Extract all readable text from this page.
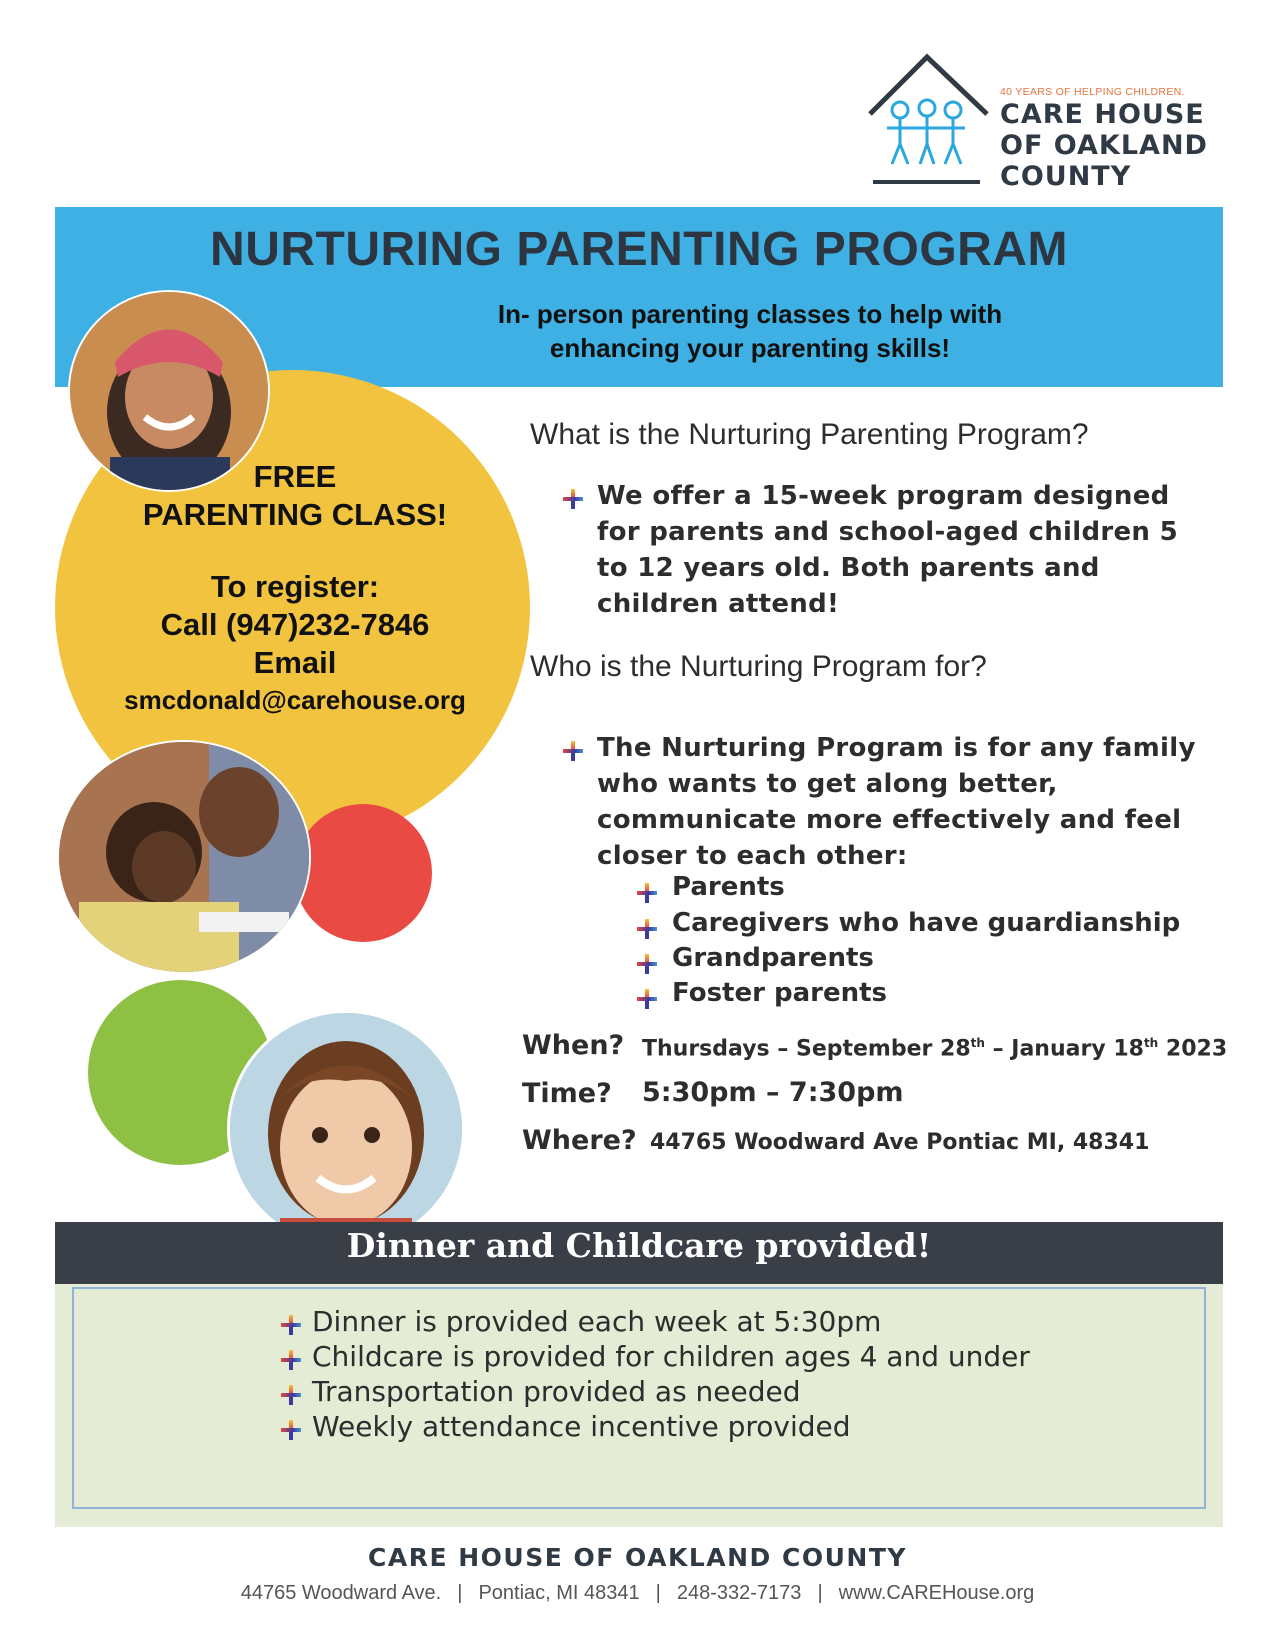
40 YEARS OF HELPING CHILDREN.
CARE HOUSE
OF OAKLAND
COUNTY
NURTURING PARENTING PROGRAM
In- person parenting classes to help with
enhancing your parenting skills!
FREE
PARENTING CLASS!
To register:
Call (947)232-7846
Email
smcdonald@carehouse.org
What is the Nurturing Parenting Program?
We offer a 15-week program designed for parents and school-aged children 5 to 12 years old. Both parents and children attend!
Who is the Nurturing Program for?
The Nurturing Program is for any family who wants to get along better, communicate more effectively and feel closer to each other:
Parents
Caregivers who have guardianship
Grandparents
Foster parents
When? Thursdays – September 28th – January 18th 2023
Time? 5:30pm – 7:30pm
Where? 44765 Woodward Ave Pontiac MI, 48341
Dinner and Childcare provided!
Dinner is provided each week at 5:30pm
Childcare is provided for children ages 4 and under
Transportation provided as needed
Weekly attendance incentive provided
CARE HOUSE OF OAKLAND COUNTY
44765 Woodward Ave. | Pontiac, MI 48341 | 248-332-7173 | www.CAREHouse.org
